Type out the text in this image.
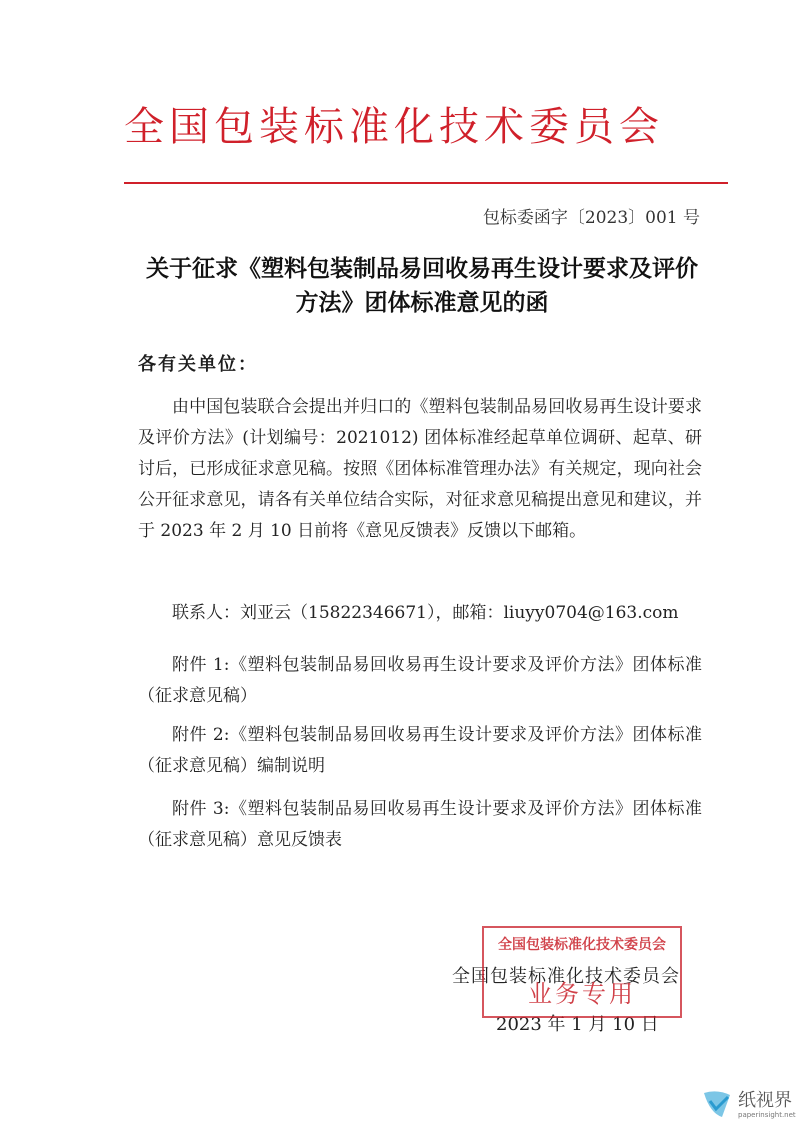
全国包装标准化技术委员会
包标委函字〔2023〕001 号
关于征求《塑料包装制品易回收易再生设计要求及评价方法》团体标准意见的函
各有关单位：
由中国包装联合会提出并归口的《塑料包装制品易回收易再生设计要求及评价方法》(计划编号：2021012) 团体标准经起草单位调研、起草、研讨后，已形成征求意见稿。按照《团体标准管理办法》有关规定，现向社会公开征求意见，请各有关单位结合实际，对征求意见稿提出意见和建议，并于 2023 年 2 月 10 日前将《意见反馈表》反馈以下邮箱。
联系人：刘亚云（15822346671），邮箱：liuyy0704@163.com
附件 1:《塑料包装制品易回收易再生设计要求及评价方法》团体标准（征求意见稿）
附件 2:《塑料包装制品易回收易再生设计要求及评价方法》团体标准（征求意见稿）编制说明
附件 3:《塑料包装制品易回收易再生设计要求及评价方法》团体标准（征求意见稿）意见反馈表
全国包装标准化技术委员会
2023 年 1 月 10 日
全国包装标准化技术委员会
业务专用
纸视界
paperinsight.net
